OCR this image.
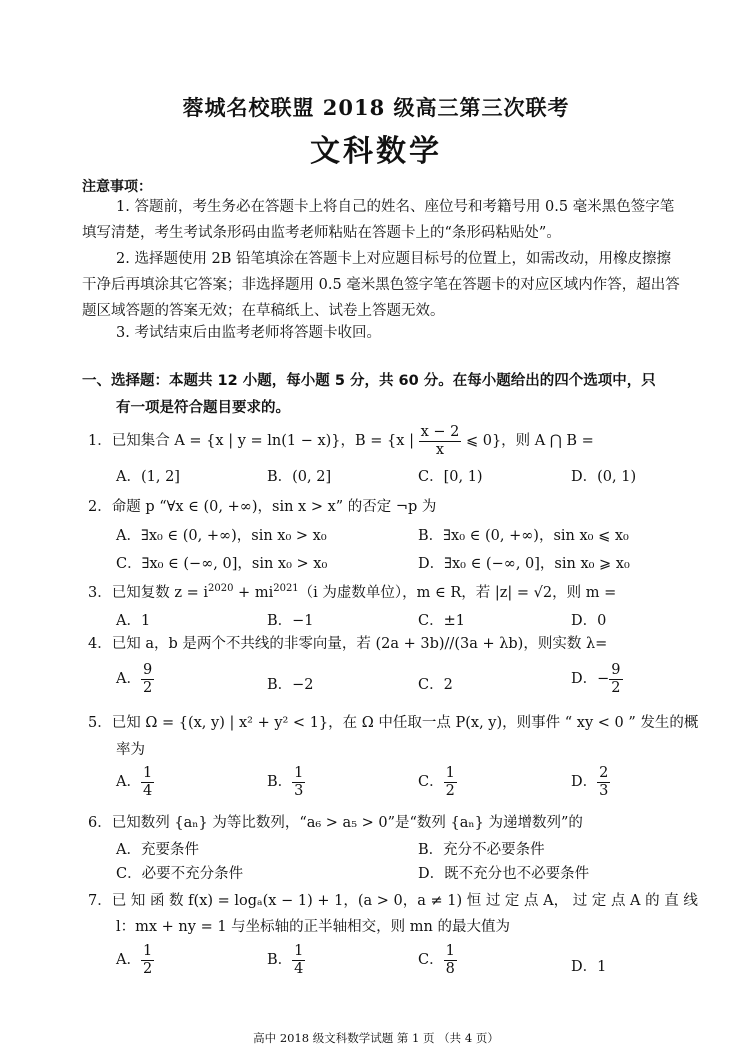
蓉城名校联盟 2018 级高三第三次联考
文科数学
注意事项：
1. 答题前，考生务必在答题卡上将自己的姓名、座位号和考籍号用 0.5 毫米黑色签字笔填写清楚，考生考试条形码由监考老师粘贴在答题卡上的“条形码粘贴处”。
2. 选择题使用 2B 铅笔填涂在答题卡上对应题目标号的位置上，如需改动，用橡皮擦擦干净后再填涂其它答案；非选择题用 0.5 毫米黑色签字笔在答题卡的对应区域内作答，超出答题区域答题的答案无效；在草稿纸上、试卷上答题无效。
3. 考试结束后由监考老师将答题卡收回。
一、选择题：本题共 12 小题，每小题 5 分，共 60 分。在每小题给出的四个选项中，只
有一项是符合题目要求的。
1．已知集合 A = {x | y = ln(1 − x)}，B = {x | $\frac{x - 2}{x}$ ⩽ 0}，则 A ⋂ B =
A．(1, 2]	B．(0, 2]	C．[0, 1)	D．(0, 1)
2．命题 p “∀x ∈ (0, +∞)，sin x > x” 的否定 ¬p 为
A．∃x₀ ∈ (0, +∞)，sin x₀ > x₀	B．∃x₀ ∈ (0, +∞)，sin x₀ ⩽ x₀
C．∃x₀ ∈ (−∞, 0]，sin x₀ > x₀	D．∃x₀ ∈ (−∞, 0]，sin x₀ ⩾ x₀
3．已知复数 $z = i^{2020} + mi^{2021}(i$ 为虚数单位），m ∈ R，若 |z| = √2，则 m =
A．1	B．−1	C．±1	D．0
4．已知 a，b 是两个不共线的非零向量，若 (2a + 3b)//(3a + λb)，则实数 λ=
A． $\frac{9}{2}$	B．−2	C．2	D．− $\frac{9}{2}$
5．已知 Ω = {(x, y) | x² + y² < 1}，在 Ω 中任取一点 P(x, y)，则事件 “ xy < 0 ” 发生的概
率为
A． $\frac{1}{4}$	B． $\frac{1}{3}$	C． $\frac{1}{2}$	D． $\frac{2}{3}$
6．已知数列 {aₙ} 为等比数列，“a₆ > a₅ > 0”是“数列 {aₙ} 为递增数列”的
A．充要条件	B．充分不必要条件
C．必要不充分条件	D．既不充分也不必要条件
7．已 知 函 数 f(x) = logₐ(x − 1) + 1，(a > 0，a ≠ 1) 恒 过 定 点 A， 过 定 点 A 的 直 线
l：mx + ny = 1 与坐标轴的正半轴相交，则 mn 的最大值为
A． $\frac{1}{2}$	B． $\frac{1}{4}$	C． $\frac{1}{8}$	D．1
高中 2018 级文科数学试题 第 1 页 （共 4 页）
